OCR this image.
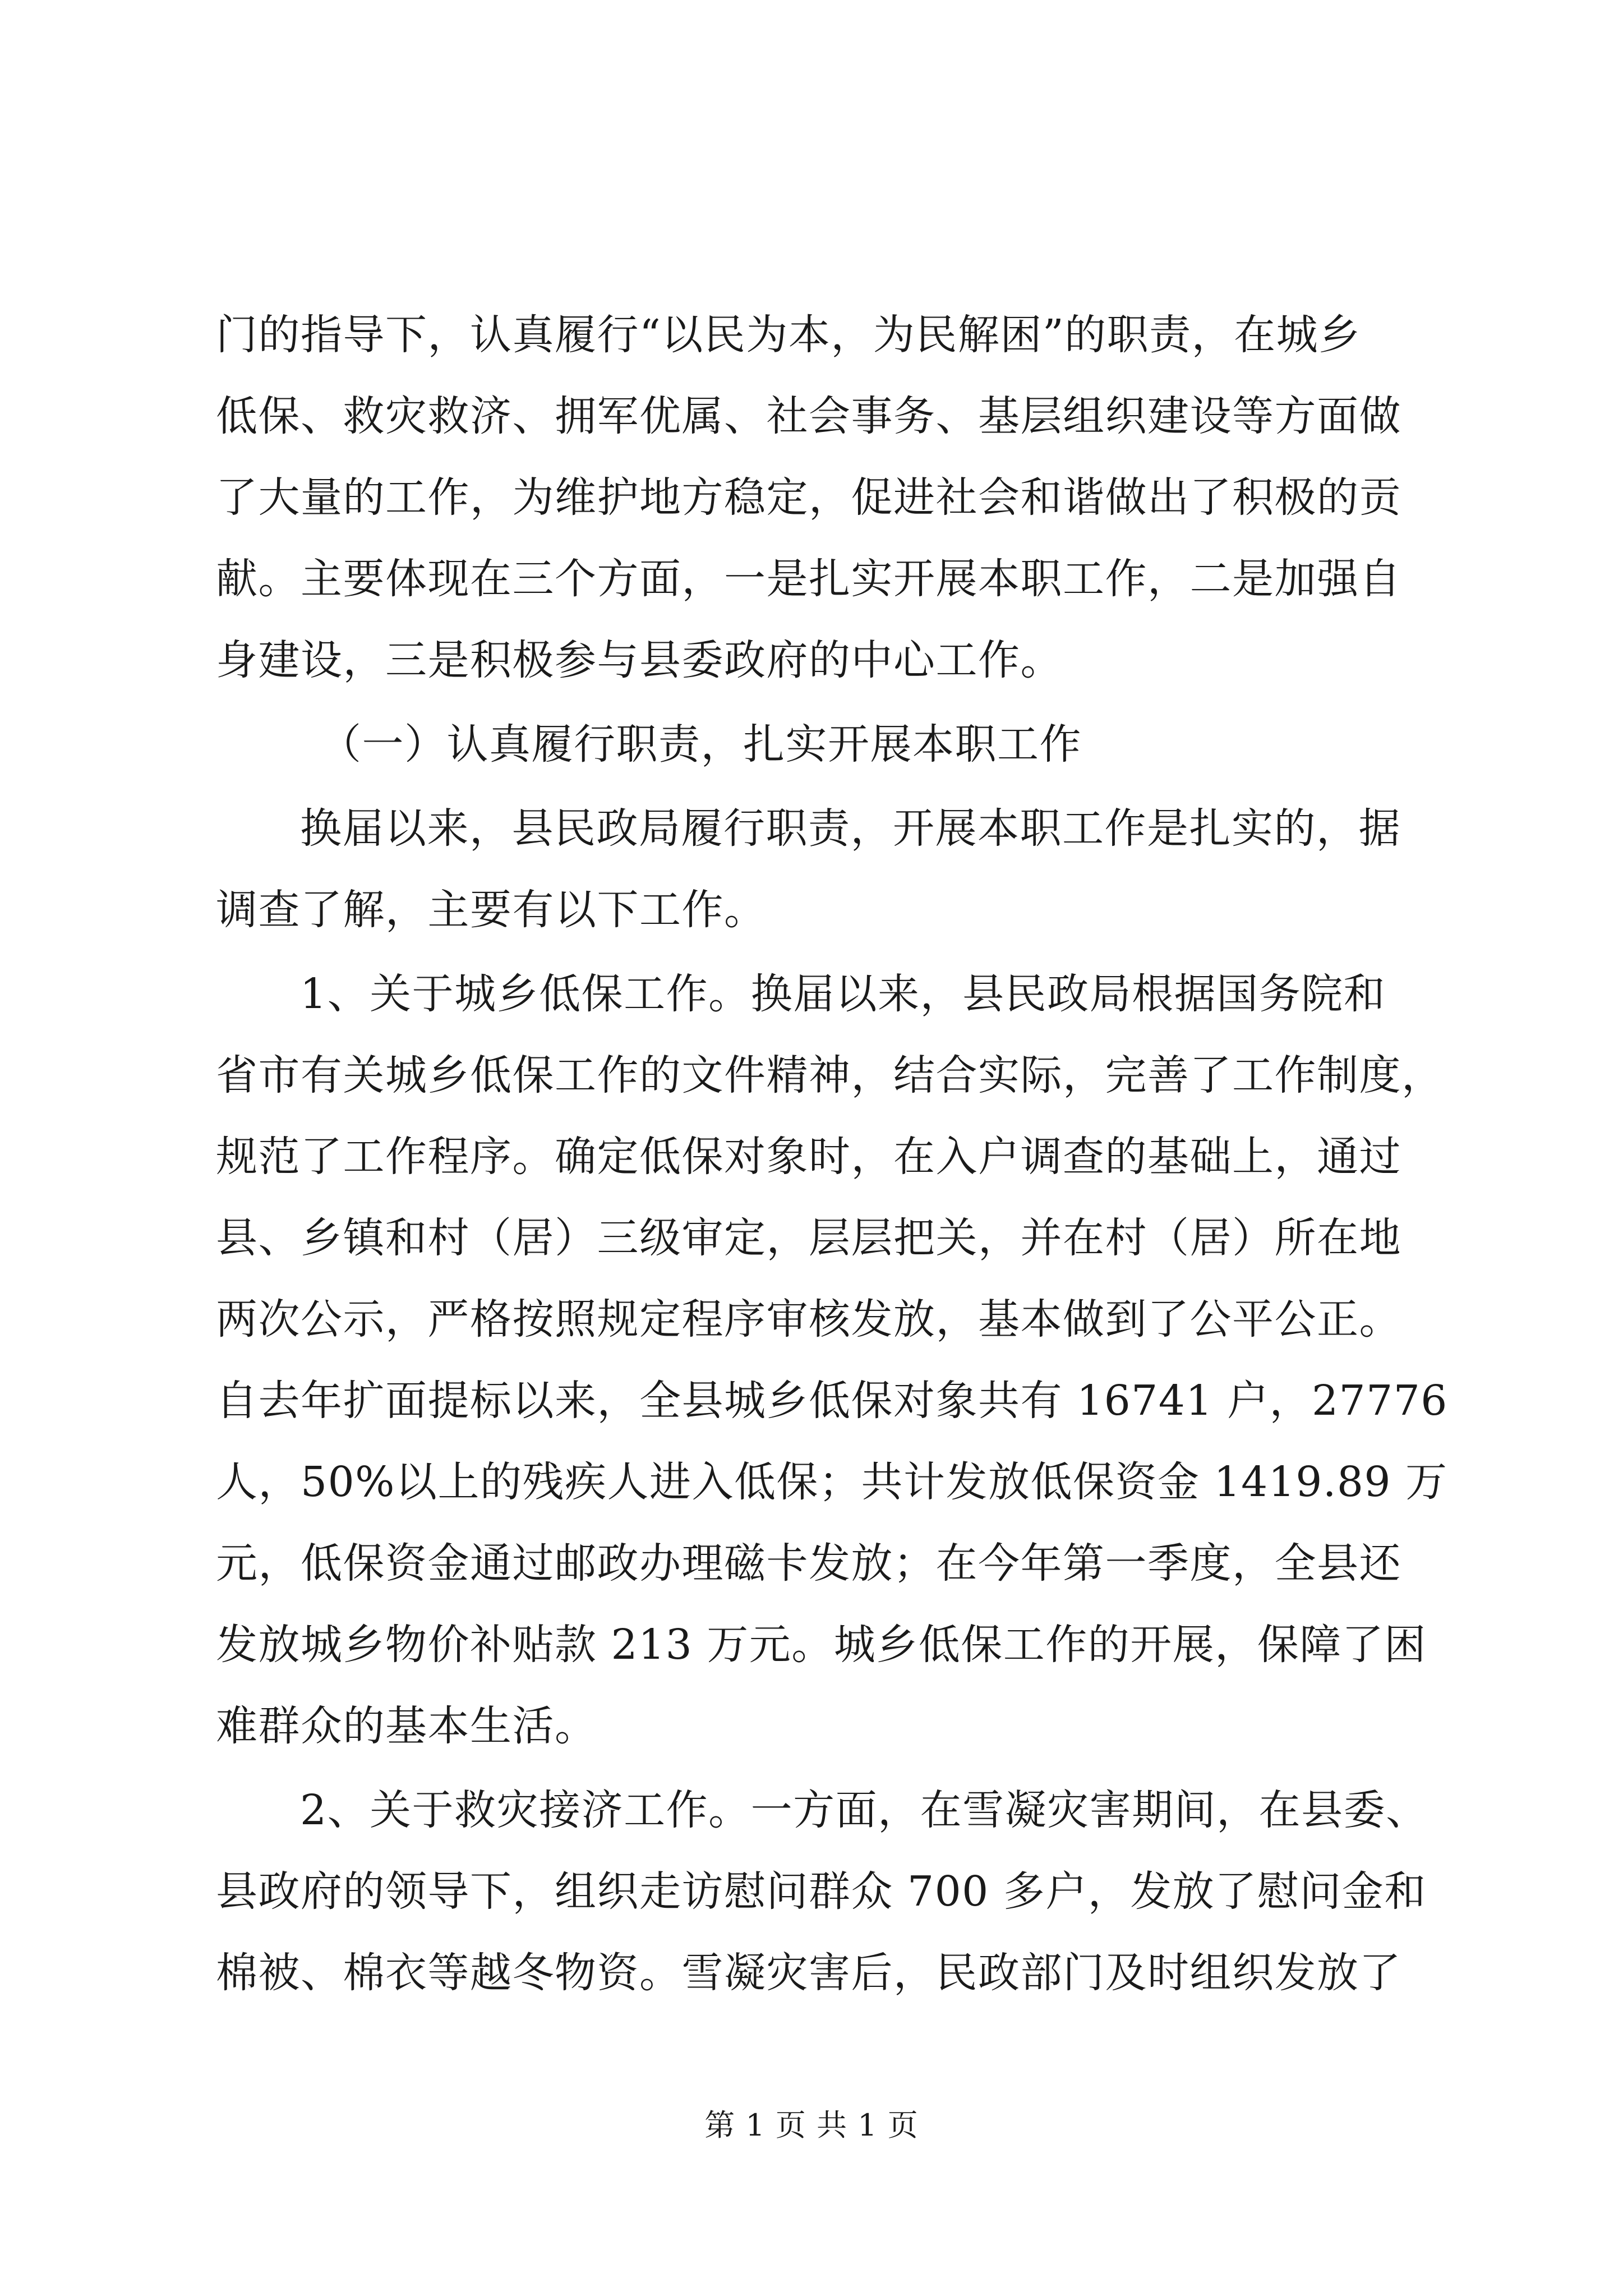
门的指导下，认真履行“以民为本，为民解困”的职责，在城乡
低保、救灾救济、拥军优属、社会事务、基层组织建设等方面做
了大量的工作，为维护地方稳定，促进社会和谐做出了积极的贡
献。主要体现在三个方面，一是扎实开展本职工作，二是加强自
身建设，三是积极参与县委政府的中心工作。
（一）认真履行职责，扎实开展本职工作
换届以来，县民政局履行职责，开展本职工作是扎实的，据
调查了解，主要有以下工作。
1、关于城乡低保工作。换届以来，县民政局根据国务院和
省市有关城乡低保工作的文件精神，结合实际，完善了工作制度，
规范了工作程序。确定低保对象时，在入户调查的基础上，通过
县、乡镇和村（居）三级审定，层层把关，并在村（居）所在地
两次公示，严格按照规定程序审核发放，基本做到了公平公正。
自去年扩面提标以来，全县城乡低保对象共有 16741 户，27776
人，50%以上的残疾人进入低保；共计发放低保资金 1419.89 万
元，低保资金通过邮政办理磁卡发放；在今年第一季度，全县还
发放城乡物价补贴款 213 万元。城乡低保工作的开展，保障了困
难群众的基本生活。
2、关于救灾接济工作。一方面，在雪凝灾害期间，在县委、
县政府的领导下，组织走访慰问群众 700 多户，发放了慰问金和
棉被、棉衣等越冬物资。雪凝灾害后，民政部门及时组织发放了
第 1 页 共 1 页
